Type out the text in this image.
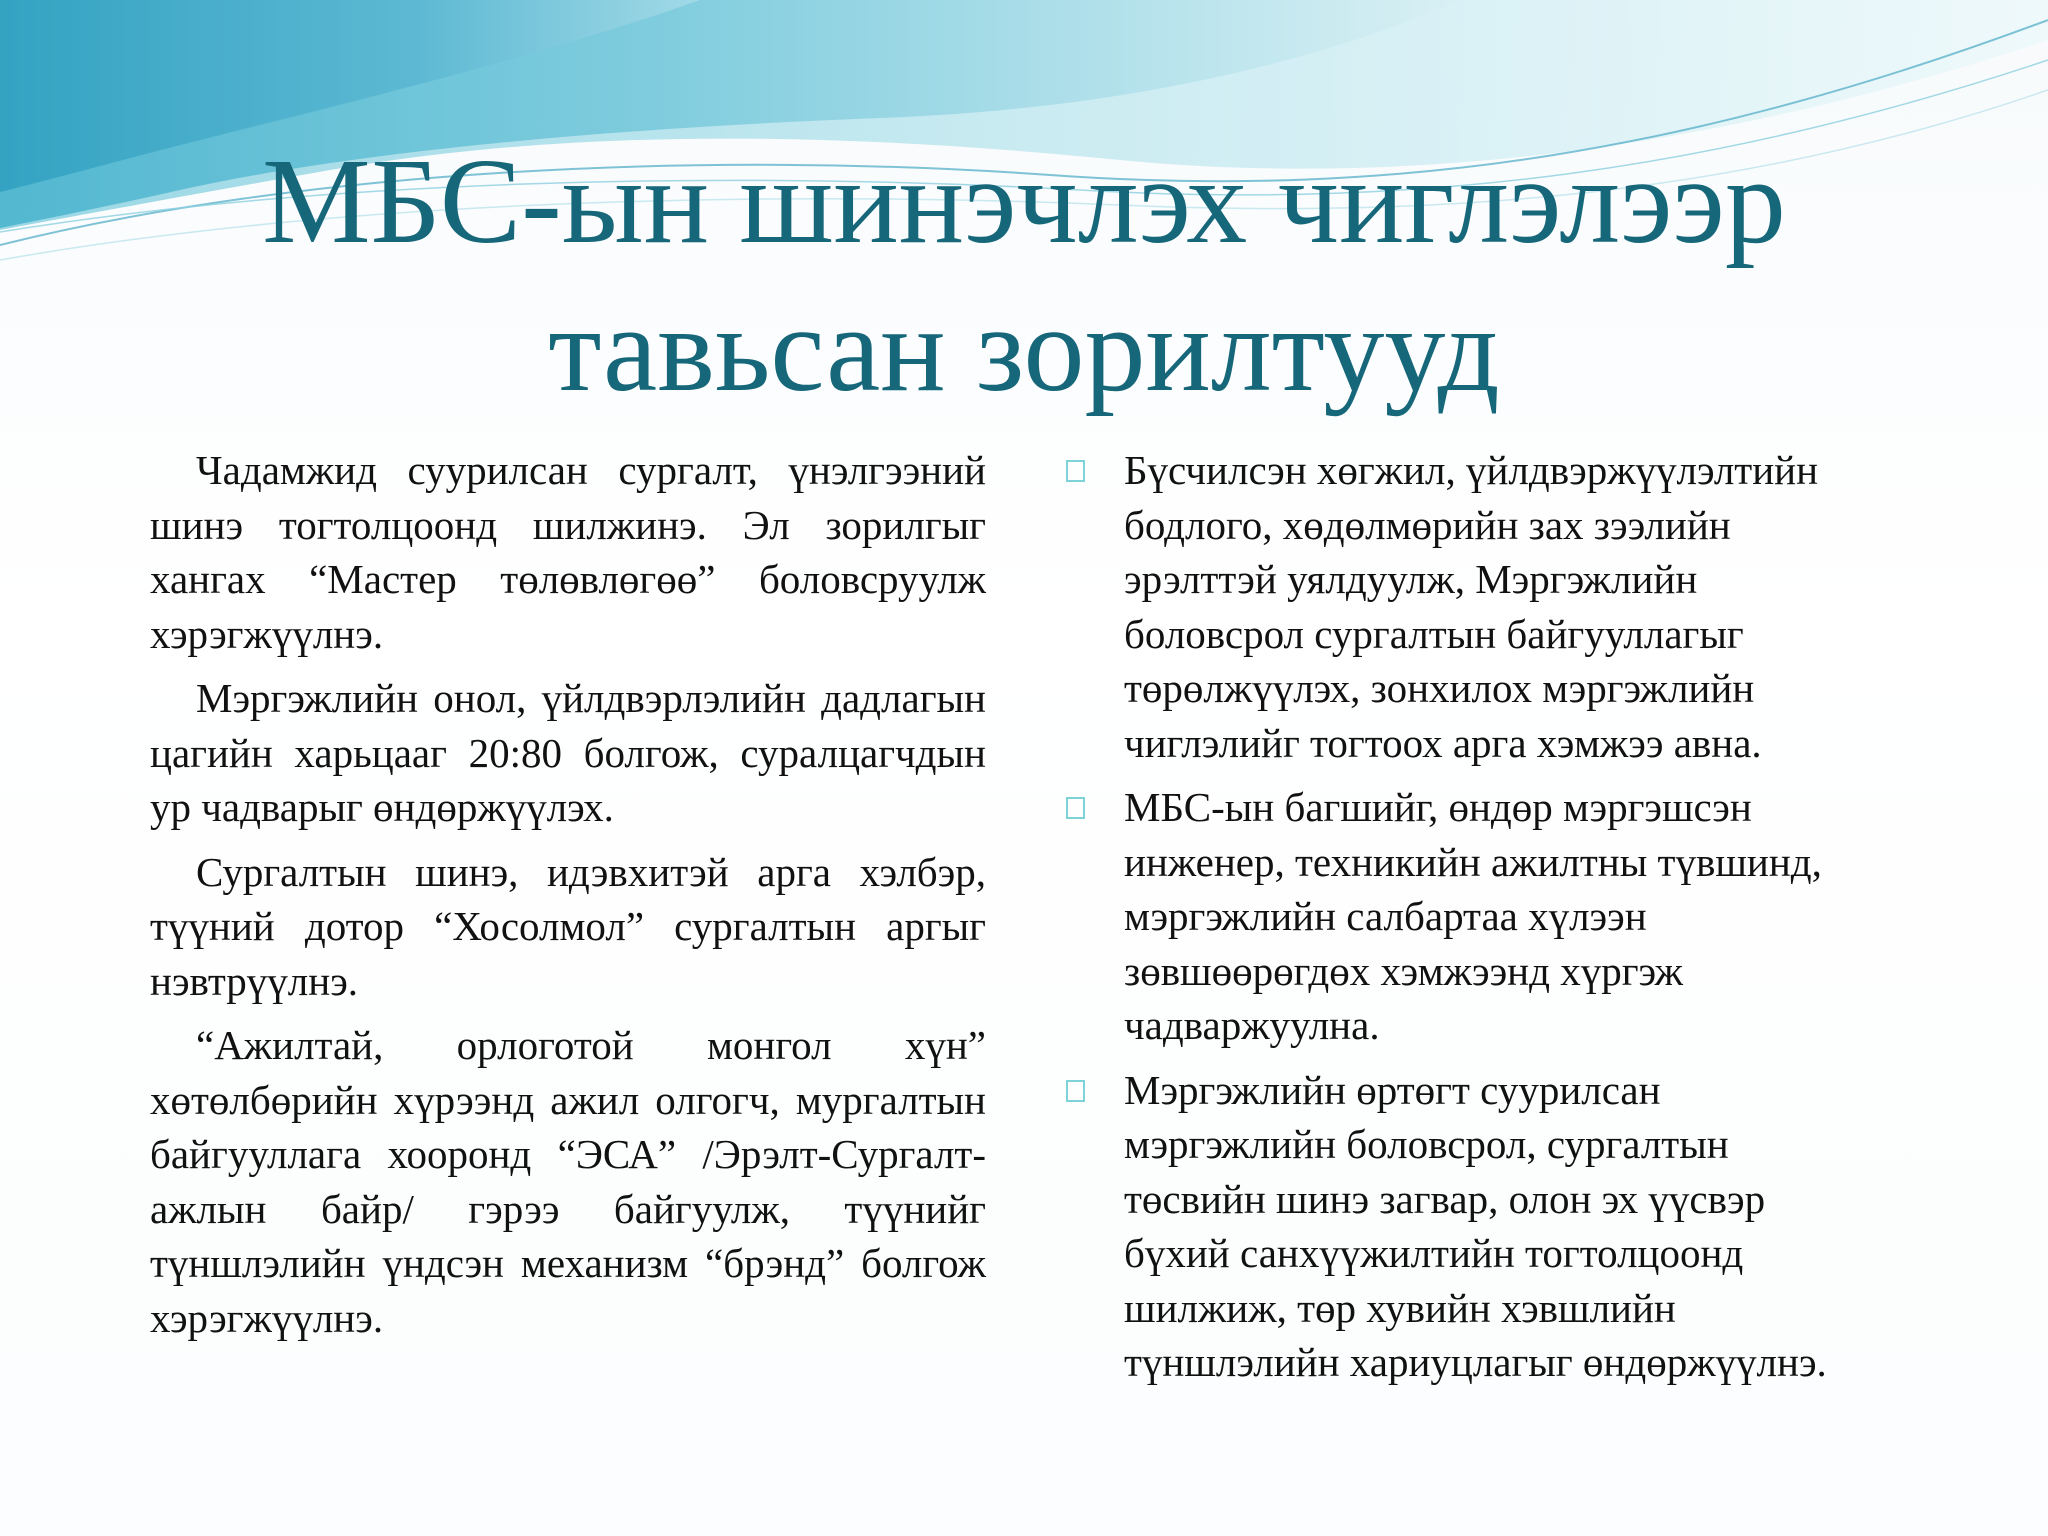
МБС-ын шинэчлэх чиглэлээр
тавьсан зорилтууд

Чадамжид суурилсан сургалт, үнэлгээний шинэ тогтолцоонд шилжинэ. Эл зорилгыг хангах “Мастер төлөвлөгөө” боловсруулж хэрэгжүүлнэ.

Мэргэжлийн онол, үйлдвэрлэлийн дадлагын цагийн харьцааг 20:80 болгож, суралцагчдын ур чадварыг өндөржүүлэх.

Сургалтын шинэ, идэвхитэй арга хэлбэр, түүний дотор “Хосолмол” сургалтын аргыг нэвтрүүлнэ.

“Ажилтай, орлоготой монгол хүн” хөтөлбөрийн хүрээнд ажил олгогч, мургалтын байгууллага хооронд “ЭСА” /Эрэлт-Сургалт-ажлын байр/ гэрээ байгуулж, түүнийг түншлэлийн үндсэн механизм “брэнд” болгож хэрэгжүүлнэ.

Бүсчилсэн хөгжил, үйлдвэржүүлэлтийн
бодлого, хөдөлмөрийн зах зээлийн
эрэлттэй уялдуулж, Мэргэжлийн
боловсрол сургалтын байгууллагыг
төрөлжүүлэх, зонхилох мэргэжлийн
чиглэлийг тогтоох арга хэмжээ авна.
МБС-ын багшийг, өндөр мэргэшсэн
инженер, техникийн ажилтны түвшинд,
мэргэжлийн салбартаа хүлээн
зөвшөөрөгдөх хэмжээнд хүргэж
чадваржуулна.
Мэргэжлийн өртөгт суурилсан
мэргэжлийн боловсрол, сургалтын
төсвийн шинэ загвар, олон эх үүсвэр
бүхий санхүүжилтийн тогтолцоонд
шилжиж, төр хувийн хэвшлийн
түншлэлийн хариуцлагыг өндөржүүлнэ.
